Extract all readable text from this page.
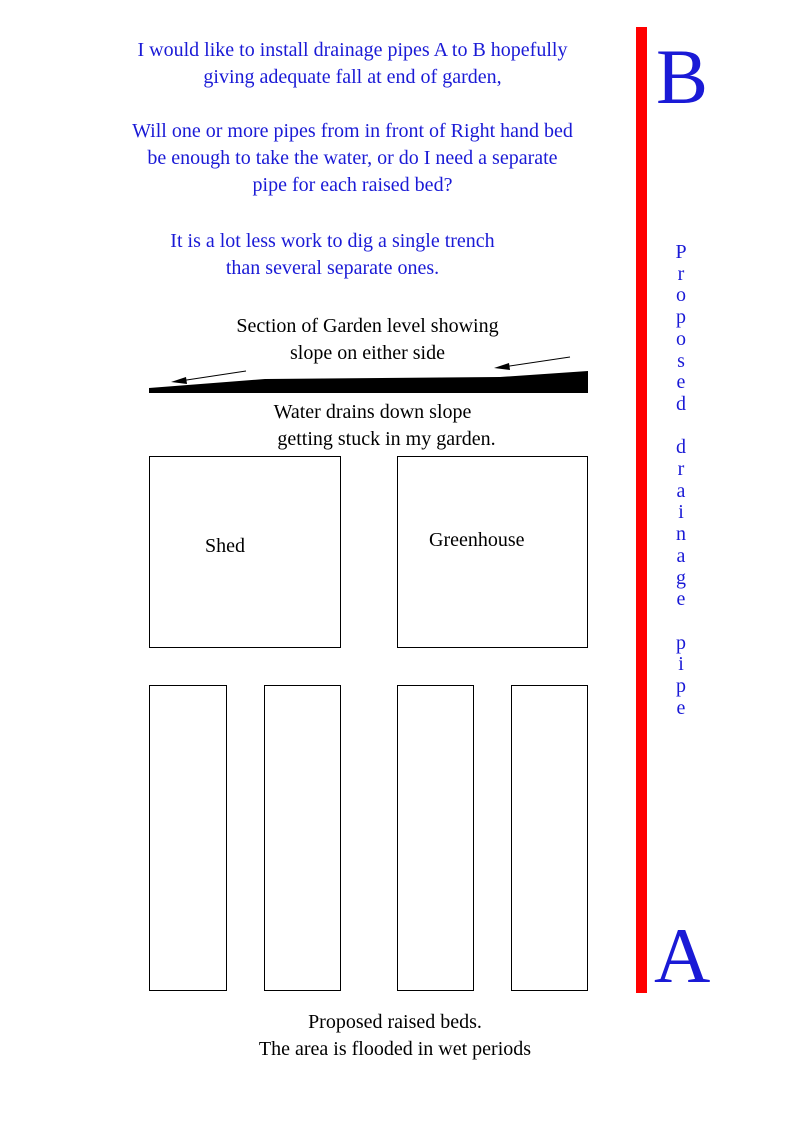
I would like to install drainage pipes A to B hopefully
giving adequate fall at end of garden,
Will one or more pipes from in front of Right hand bed
be enough to take the water, or do I need a separate
pipe for each raised bed?
It is a lot less work to dig a single trench
than several separate ones.
Section of Garden level showing
slope on either side
Water drains down slope
getting stuck in my garden.
Shed	Greenhouse
Proposed raised beds.
The area is flooded in wet periods
B
A
P
r
o
p
o
s
e
d

d
r
a
i
n
a
g
e

p
i
p
e
